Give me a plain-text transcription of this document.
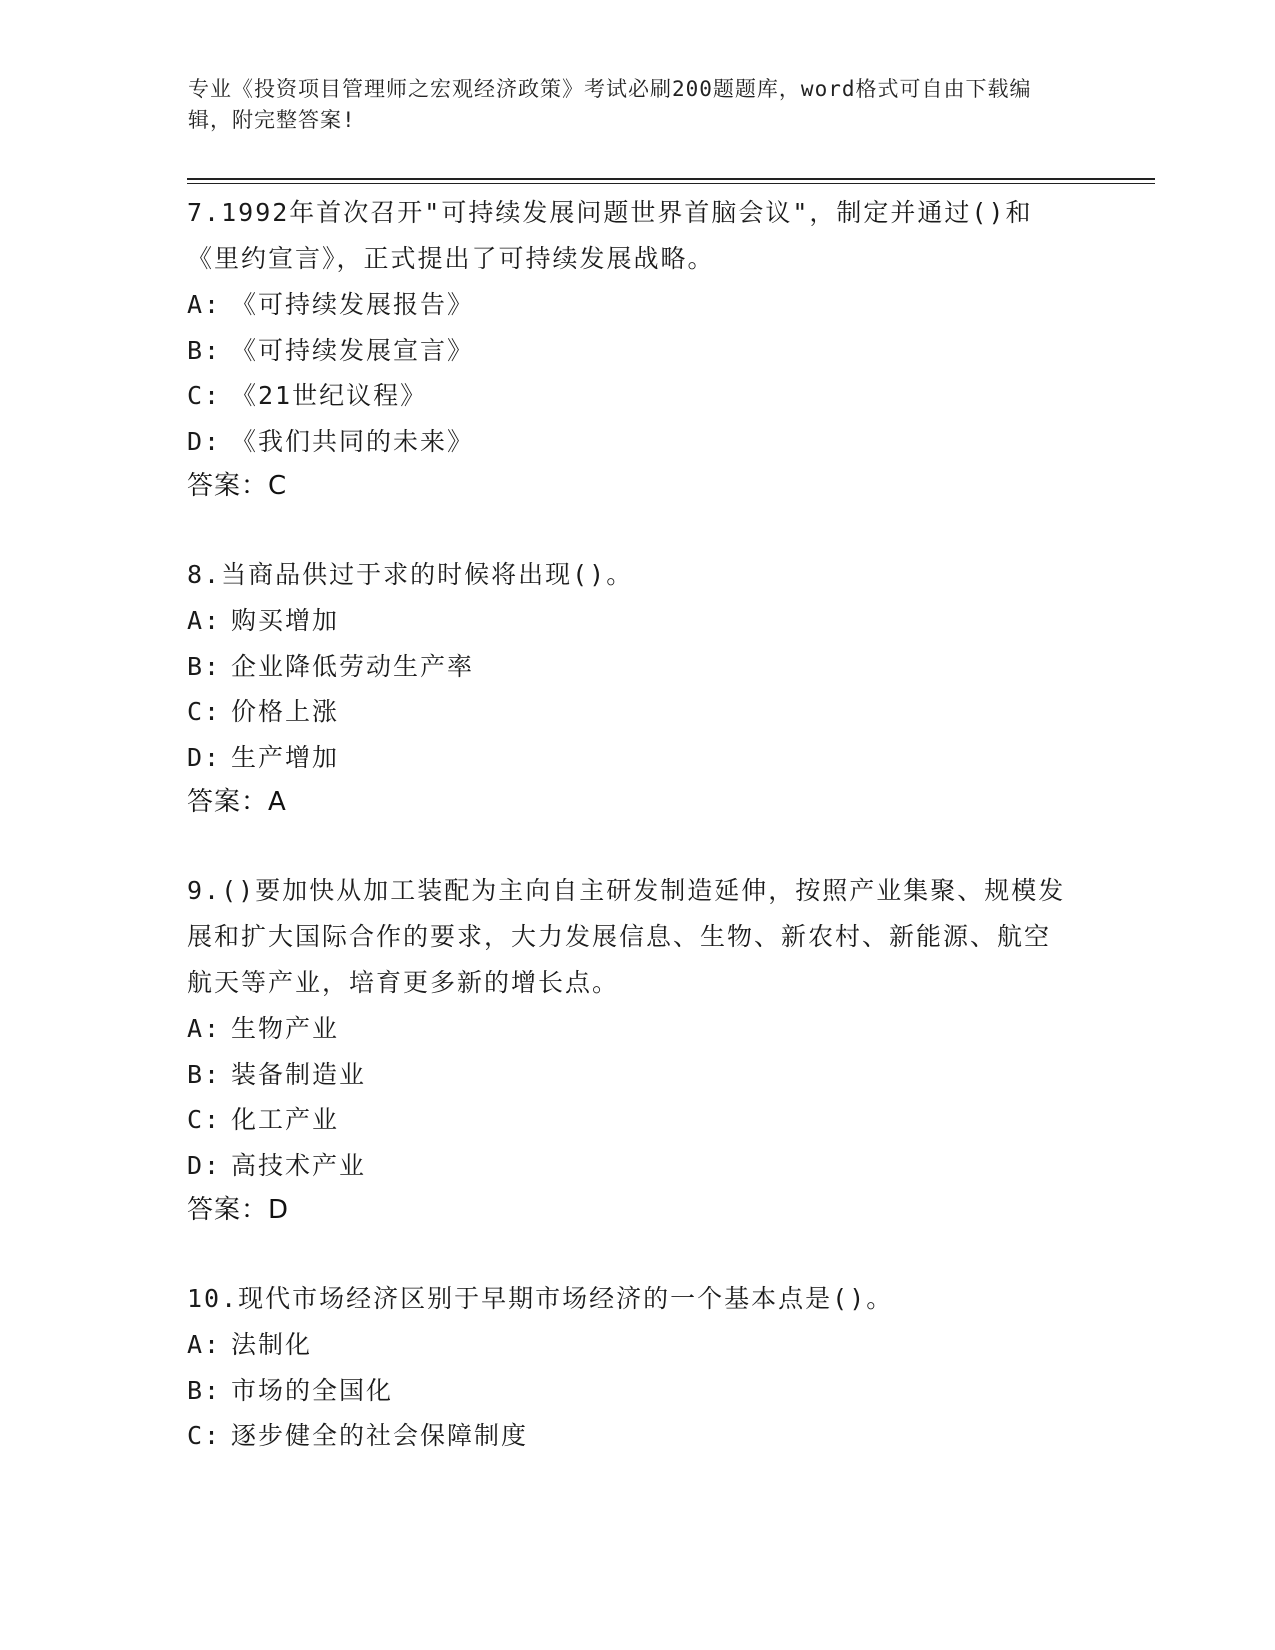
专业《投资项目管理师之宏观经济政策》考试必刷200题题库，word格式可自由下载编辑，附完整答案!
7.1992年首次召开"可持续发展问题世界首脑会议"，制定并通过()和《里约宣言》，正式提出了可持续发展战略。
A: 《可持续发展报告》
B: 《可持续发展宣言》
C: 《21世纪议程》
D: 《我们共同的未来》
答案：C
8.当商品供过于求的时候将出现()。
A: 购买增加
B: 企业降低劳动生产率
C: 价格上涨
D: 生产增加
答案：A
9.()要加快从加工装配为主向自主研发制造延伸，按照产业集聚、规模发展和扩大国际合作的要求，大力发展信息、生物、新农村、新能源、航空航天等产业，培育更多新的增长点。
A: 生物产业
B: 装备制造业
C: 化工产业
D: 高技术产业
答案：D
10.现代市场经济区别于早期市场经济的一个基本点是()。
A: 法制化
B: 市场的全国化
C: 逐步健全的社会保障制度
